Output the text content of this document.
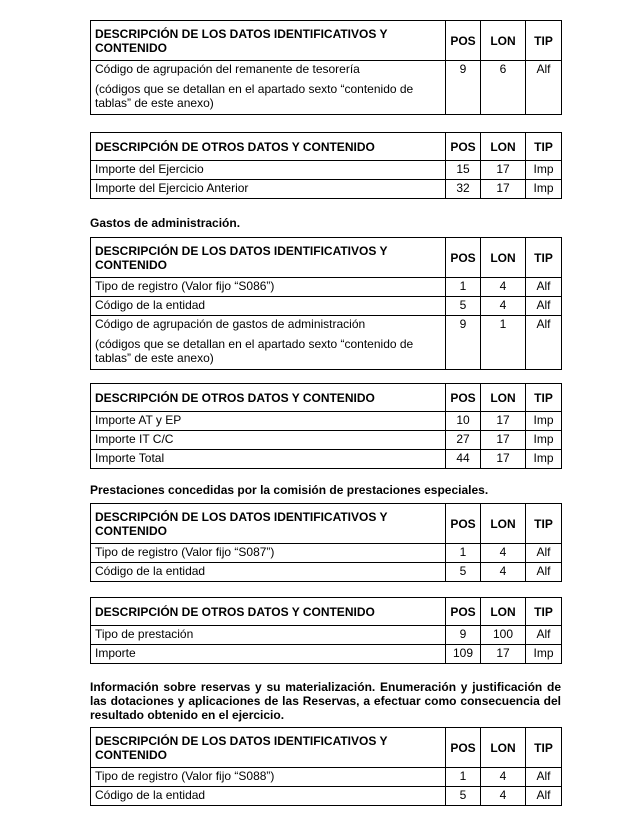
DESCRIPCIÓN DE LOS DATOS IDENTIFICATIVOS Y CONTENIDO	POS	LON	TIP
Código de agrupación del remanente de tesorería
(códigos que se detallan en el apartado sexto “contenido de tablas” de este anexo)	9	6	Alf
DESCRIPCIÓN DE OTROS DATOS Y CONTENIDO	POS	LON	TIP
Importe del Ejercicio	15	17	Imp
Importe del Ejercicio Anterior	32	17	Imp
Gastos de administración.
DESCRIPCIÓN DE LOS DATOS IDENTIFICATIVOS Y CONTENIDO	POS	LON	TIP
Tipo de registro (Valor fijo “S086”)	1	4	Alf
Código de la entidad	5	4	Alf
Código de agrupación de gastos de administración
(códigos que se detallan en el apartado sexto “contenido de tablas” de este anexo)	9	1	Alf
DESCRIPCIÓN DE OTROS DATOS Y CONTENIDO	POS	LON	TIP
Importe AT y EP	10	17	Imp
Importe IT C/C	27	17	Imp
Importe Total	44	17	Imp
Prestaciones concedidas por la comisión de prestaciones especiales.
DESCRIPCIÓN DE LOS DATOS IDENTIFICATIVOS Y CONTENIDO	POS	LON	TIP
Tipo de registro (Valor fijo “S087”)	1	4	Alf
Código de la entidad	5	4	Alf
DESCRIPCIÓN DE OTROS DATOS Y CONTENIDO	POS	LON	TIP
Tipo de prestación	9	100	Alf
Importe	109	17	Imp
Información sobre reservas y su materialización. Enumeración y justificación de las dotaciones y aplicaciones de las Reservas, a efectuar como consecuencia del resultado obtenido en el ejercicio.
DESCRIPCIÓN DE LOS DATOS IDENTIFICATIVOS Y CONTENIDO	POS	LON	TIP
Tipo de registro (Valor fijo “S088”)	1	4	Alf
Código de la entidad	5	4	Alf
